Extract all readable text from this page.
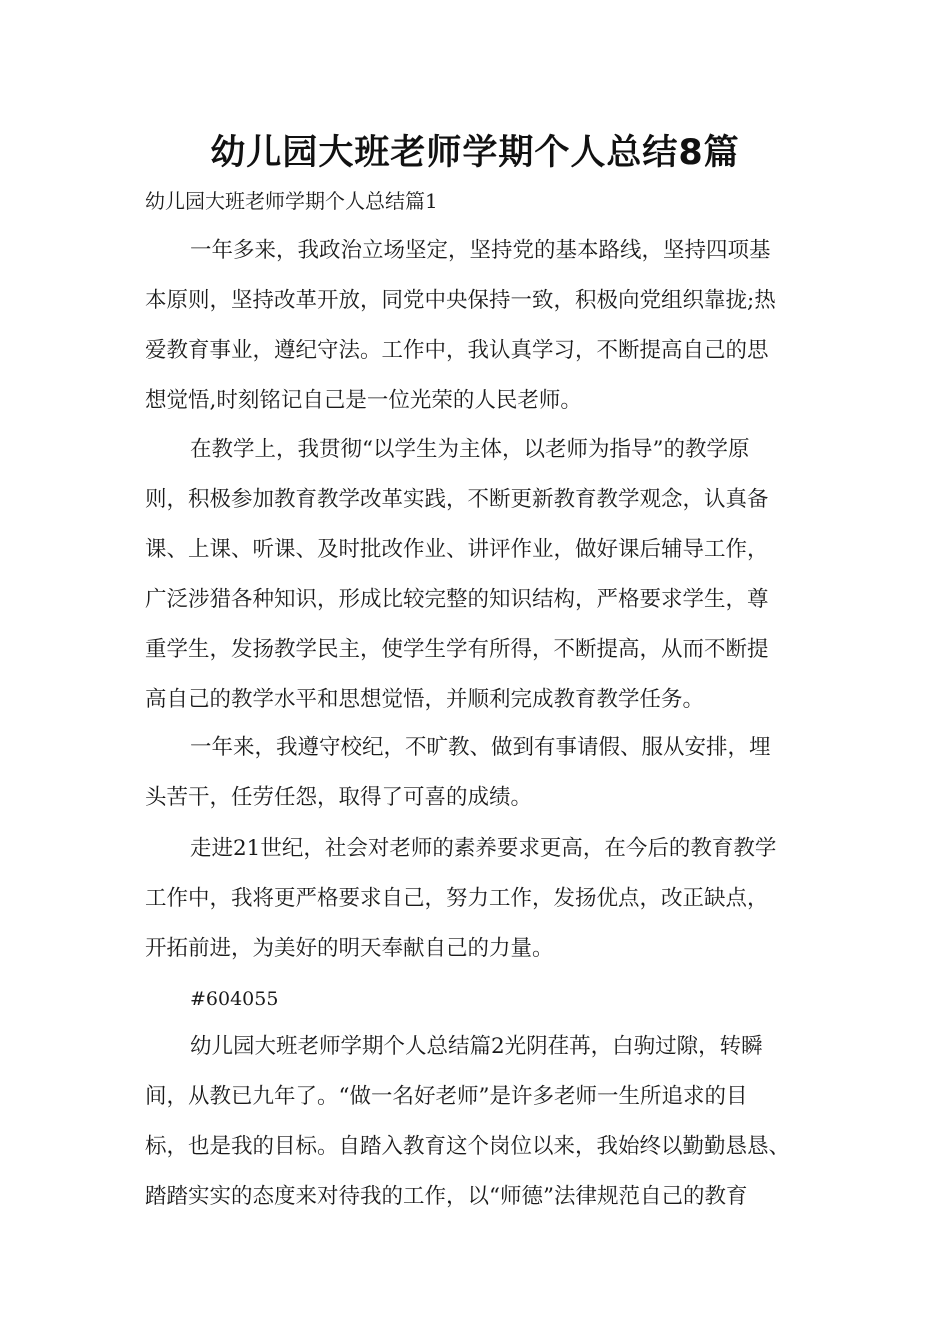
幼儿园大班老师学期个人总结8篇

幼儿园大班老师学期个人总结篇1

一年多来，我政治立场坚定，坚持党的基本路线，坚持四项基
本原则，坚持改革开放，同党中央保持一致，积极向党组织靠拢;热
爱教育事业，遵纪守法。工作中，我认真学习，不断提高自己的思
想觉悟,时刻铭记自己是一位光荣的人民老师。

在教学上，我贯彻“以学生为主体，以老师为指导”的教学原
则，积极参加教育教学改革实践，不断更新教育教学观念，认真备
课、上课、听课、及时批改作业、讲评作业，做好课后辅导工作，
广泛涉猎各种知识，形成比较完整的知识结构，严格要求学生，尊
重学生，发扬教学民主，使学生学有所得，不断提高，从而不断提
高自己的教学水平和思想觉悟，并顺利完成教育教学任务。

一年来，我遵守校纪，不旷教、做到有事请假、服从安排，埋
头苦干，任劳任怨，取得了可喜的成绩。

走进21世纪，社会对老师的素养要求更高，在今后的教育教学
工作中，我将更严格要求自己，努力工作，发扬优点，改正缺点，
开拓前进，为美好的明天奉献自己的力量。

#604055

幼儿园大班老师学期个人总结篇2光阴荏苒，白驹过隙，转瞬
间，从教已九年了。“做一名好老师”是许多老师一生所追求的目
标，也是我的目标。自踏入教育这个岗位以来，我始终以勤勤恳恳、
踏踏实实的态度来对待我的工作，以“师德”法律规范自己的教育
